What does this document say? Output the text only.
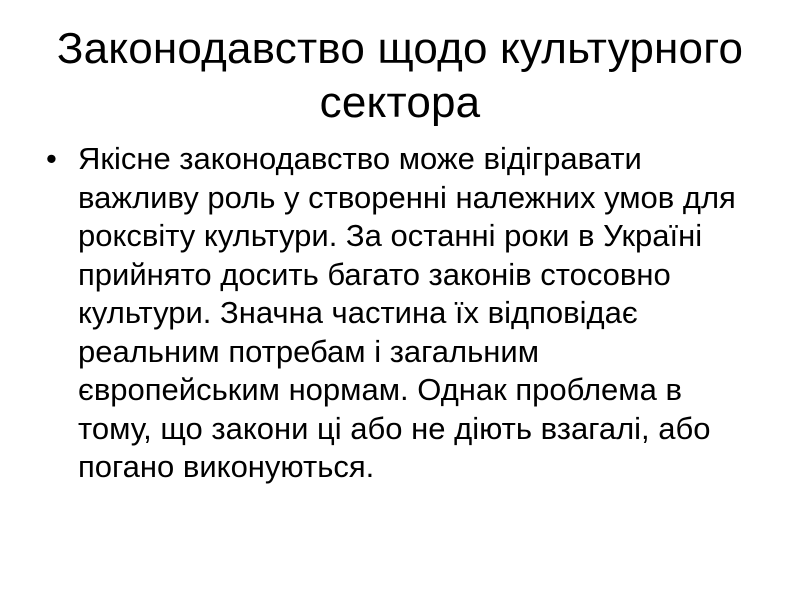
Законодавство щодо культурного сектора
• Якісне законодавство може відігравати важливу роль у створенні належних умов для роксвіту культури. За останні роки в Україні прийнято досить багато законів стосовно культури. Значна частина їх відповідає реальним потребам і загальним європейським нормам. Однак проблема в тому, що закони ці або не діють взагалі, або погано виконуються.
